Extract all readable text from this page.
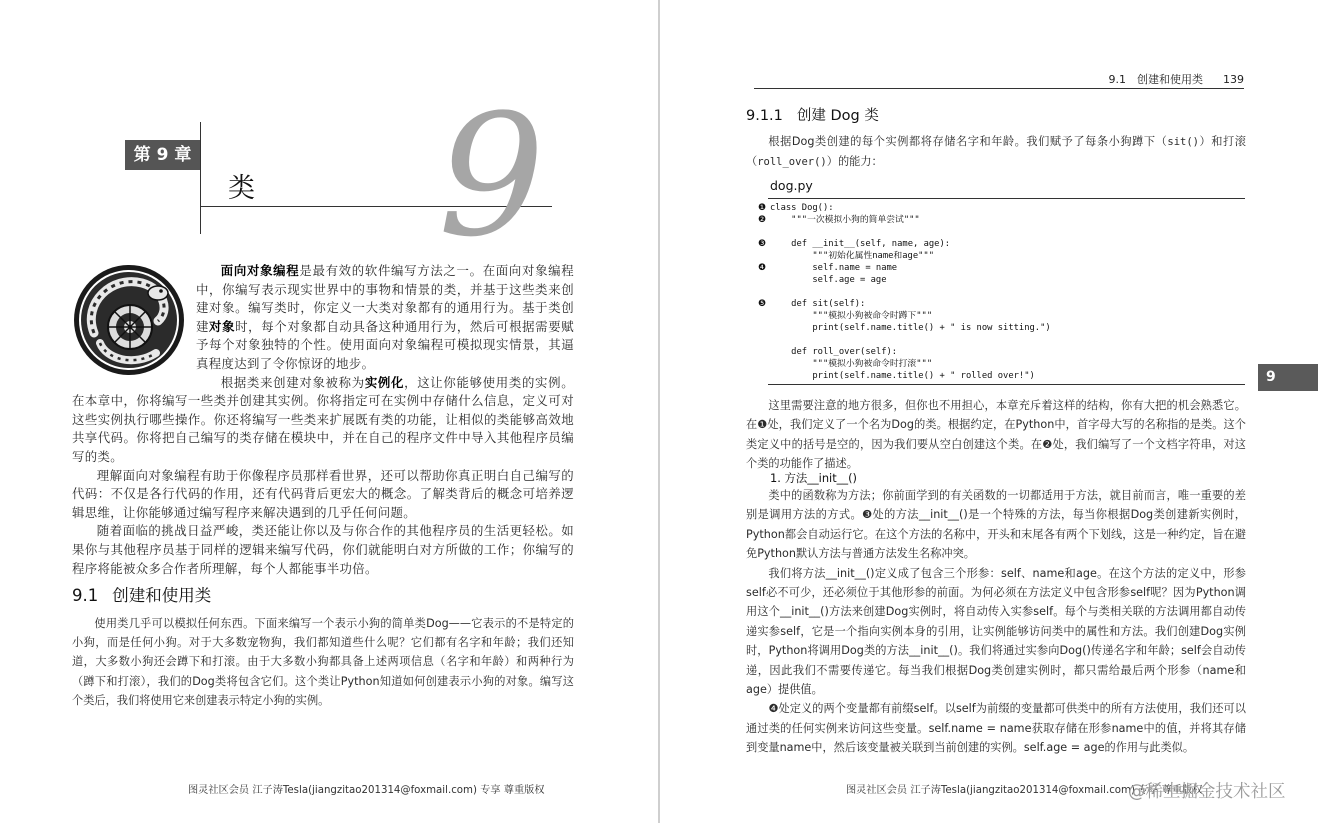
第 9 章
类 9

面向对象编程是最有效的软件编写方法之一。在面向对象编程中，你编写表示现实世界中的事物和情景的类，并基于这些类来创建对象。编写类时，你定义一大类对象都有的通用行为。基于类创建对象时，每个对象都自动具备这种通用行为，然后可根据需要赋予每个对象独特的个性。使用面向对象编程可模拟现实情景，其逼真程度达到了令你惊讶的地步。

根据类来创建对象被称为实例化，这让你能够使用类的实例。在本章中，你将编写一些类并创建其实例。你将指定可在实例中存储什么信息，定义可对这些实例执行哪些操作。你还将编写一些类来扩展既有类的功能，让相似的类能够高效地共享代码。你将把自己编写的类存储在模块中，并在自己的程序文件中导入其他程序员编写的类。

理解面向对象编程有助于你像程序员那样看世界，还可以帮助你真正明白自己编写的代码：不仅是各行代码的作用，还有代码背后更宏大的概念。了解类背后的概念可培养逻辑思维，让你能够通过编写程序来解决遇到的几乎任何问题。

随着面临的挑战日益严峻，类还能让你以及与你合作的其他程序员的生活更轻松。如果你与其他程序员基于同样的逻辑来编写代码，你们就能明白对方所做的工作；你编写的程序将能被众多合作者所理解，每个人都能事半功倍。

9.1 创建和使用类

使用类几乎可以模拟任何东西。下面来编写一个表示小狗的简单类Dog——它表示的不是特定的小狗，而是任何小狗。对于大多数宠物狗，我们都知道些什么呢？它们都有名字和年龄；我们还知道，大多数小狗还会蹲下和打滚。由于大多数小狗都具备上述两项信息（名字和年龄）和两种行为（蹲下和打滚），我们的Dog类将包含它们。这个类让Python知道如何创建表示小狗的对象。编写这个类后，我们将使用它来创建表示特定小狗的实例。

图灵社区会员 江子涛Tesla(jiangzitao201314@foxmail.com) 专享 尊重版权
9.1　创建和使用类 139
9.1.1 创建 Dog 类

根据Dog类创建的每个实例都将存储名字和年龄。我们赋予了每条小狗蹲下（sit()）和打滚（roll_over()）的能力：

dog.py
❶ class Dog():
❷ """一次模拟小狗的简单尝试"""
❸ def __init__(self, name, age):
"""初始化属性name和age"""
❹ self.name = name
self.age = age
❺ def sit(self):
"""模拟小狗被命令时蹲下"""
print(self.name.title() + " is now sitting.")
def roll_over(self):
"""模拟小狗被命令时打滚"""
print(self.name.title() + " rolled over!")	9

这里需要注意的地方很多，但你也不用担心，本章充斥着这样的结构，你有大把的机会熟悉它。在❶处，我们定义了一个名为Dog的类。根据约定，在Python中，首字母大写的名称指的是类。这个类定义中的括号是空的，因为我们要从空白创建这个类。在❷处，我们编写了一个文档字符串，对这个类的功能作了描述。

1. 方法__init__()

类中的函数称为方法；你前面学到的有关函数的一切都适用于方法，就目前而言，唯一重要的差别是调用方法的方式。❸处的方法__init__()是一个特殊的方法，每当你根据Dog类创建新实例时，Python都会自动运行它。在这个方法的名称中，开头和末尾各有两个下划线，这是一种约定，旨在避免Python默认方法与普通方法发生名称冲突。

我们将方法__init__()定义成了包含三个形参：self、name和age。在这个方法的定义中，形参self必不可少，还必须位于其他形参的前面。为何必须在方法定义中包含形参self呢？因为Python调用这个__init__()方法来创建Dog实例时，将自动传入实参self。每个与类相关联的方法调用都自动传递实参self，它是一个指向实例本身的引用，让实例能够访问类中的属性和方法。我们创建Dog实例时，Python将调用Dog类的方法__init__()。我们将通过实参向Dog()传递名字和年龄；self会自动传递，因此我们不需要传递它。每当我们根据Dog类创建实例时，都只需给最后两个形参（name和age）提供值。

❹处定义的两个变量都有前缀self。以self为前缀的变量都可供类中的所有方法使用，我们还可以通过类的任何实例来访问这些变量。self.name = name获取存储在形参name中的值，并将其存储到变量name中，然后该变量被关联到当前创建的实例。self.age = age的作用与此类似。

图灵社区会员 江子涛Tesla(jiangzitao201314@foxmail.com) 专享 尊重版权
@稀土掘金技术社区
